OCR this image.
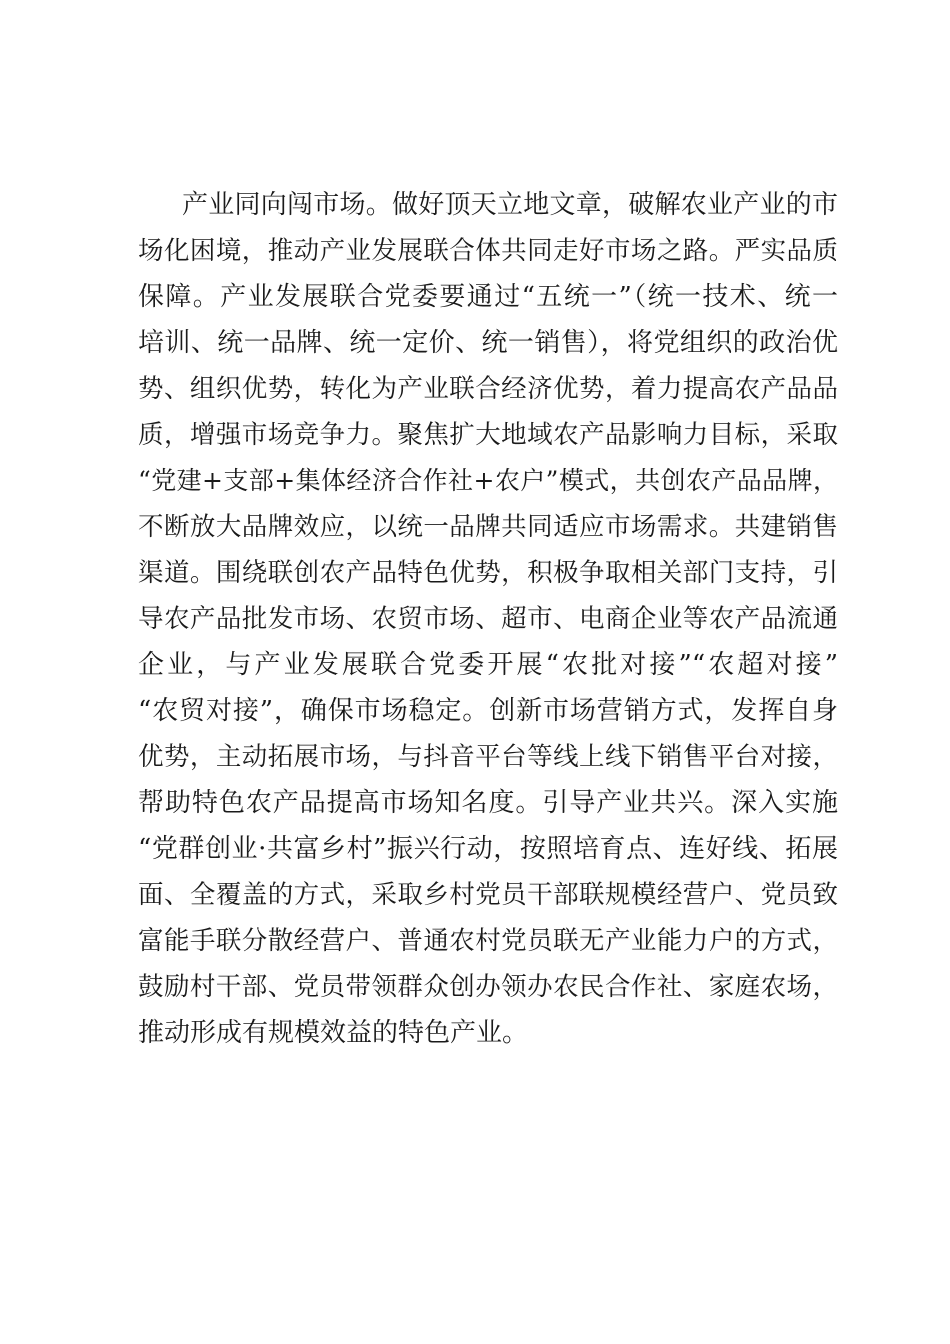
产业同向闯市场。做好顶天立地文章，破解农业产业的市
场化困境，推动产业发展联合体共同走好市场之路。严实品质
保障。产业发展联合党委要通过“五统一”（统一技术、统一
培训、统一品牌、统一定价、统一销售），将党组织的政治优
势、组织优势，转化为产业联合经济优势，着力提高农产品品
质，增强市场竞争力。聚焦扩大地域农产品影响力目标，采取
“党建+支部+集体经济合作社+农户”模式，共创农产品品牌，
不断放大品牌效应，以统一品牌共同适应市场需求。共建销售
渠道。围绕联创农产品特色优势，积极争取相关部门支持，引
导农产品批发市场、农贸市场、超市、电商企业等农产品流通
企业，与产业发展联合党委开展“农批对接”“农超对接”
“农贸对接”，确保市场稳定。创新市场营销方式，发挥自身
优势，主动拓展市场，与抖音平台等线上线下销售平台对接，
帮助特色农产品提高市场知名度。引导产业共兴。深入实施
“党群创业·共富乡村”振兴行动，按照培育点、连好线、拓展
面、全覆盖的方式，采取乡村党员干部联规模经营户、党员致
富能手联分散经营户、普通农村党员联无产业能力户的方式，
鼓励村干部、党员带领群众创办领办农民合作社、家庭农场，
推动形成有规模效益的特色产业。
